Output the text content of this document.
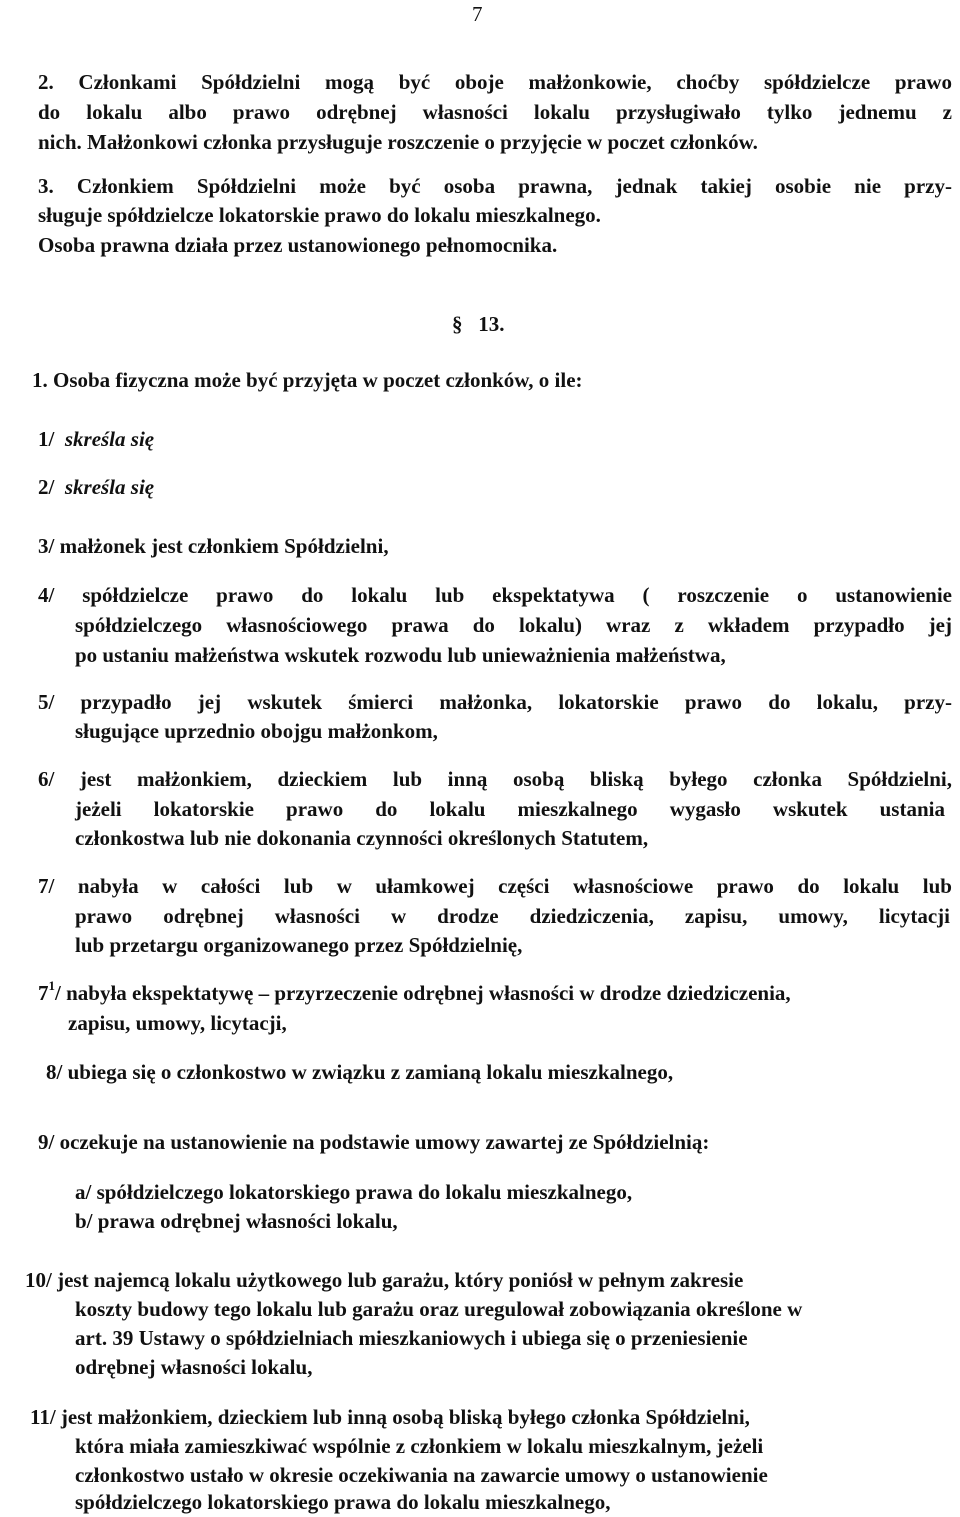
7
2. Członkami Spółdzielni mogą być oboje małżonkowie, choćby spółdzielcze prawo
do lokalu albo prawo odrębnej własności lokalu przysługiwało tylko jednemu z
nich. Małżonkowi członka przysługuje roszczenie o przyjęcie w poczet członków.
3. Członkiem Spółdzielni może być osoba prawna, jednak takiej osobie nie przy-
sługuje spółdzielcze lokatorskie prawo do lokalu mieszkalnego.
Osoba prawna działa przez ustanowionego pełnomocnika.
§ 13.
1. Osoba fizyczna może być przyjęta w poczet członków, o ile:
1/ skreśla się
2/ skreśla się
3/ małżonek jest członkiem Spółdzielni,
4/ spółdzielcze prawo do lokalu lub ekspektatywa ( roszczenie o ustanowienie
spółdzielczego własnościowego prawa do lokalu) wraz z wkładem przypadło jej
po ustaniu małżeństwa wskutek rozwodu lub unieważnienia małżeństwa,
5/ przypadło jej wskutek śmierci małżonka, lokatorskie prawo do lokalu, przy-
sługujące uprzednio obojgu małżonkom,
6/ jest małżonkiem, dzieckiem lub inną osobą bliską byłego członka Spółdzielni,
jeżeli lokatorskie prawo do lokalu mieszkalnego wygasło wskutek ustania
członkostwa lub nie dokonania czynności określonych Statutem,
7/ nabyła w całości lub w ułamkowej części własnościowe prawo do lokalu lub
prawo odrębnej własności w drodze dziedziczenia, zapisu, umowy, licytacji
lub przetargu organizowanego przez Spółdzielnię,
$7^1/$ nabyła ekspektatywę – przyrzeczenie odrębnej własności w drodze dziedziczenia,
zapisu, umowy, licytacji,
8/ ubiega się o członkostwo w związku z zamianą lokalu mieszkalnego,
9/ oczekuje na ustanowienie na podstawie umowy zawartej ze Spółdzielnią:
a/ spółdzielczego lokatorskiego prawa do lokalu mieszkalnego,
b/ prawa odrębnej własności lokalu,
10/ jest najemcą lokalu użytkowego lub garażu, który poniósł w pełnym zakresie
koszty budowy tego lokalu lub garażu oraz uregulował zobowiązania określone w
art. 39 Ustawy o spółdzielniach mieszkaniowych i ubiega się o przeniesienie
odrębnej własności lokalu,
11/ jest małżonkiem, dzieckiem lub inną osobą bliską byłego członka Spółdzielni,
która miała zamieszkiwać wspólnie z członkiem w lokalu mieszkalnym, jeżeli
członkostwo ustało w okresie oczekiwania na zawarcie umowy o ustanowienie
spółdzielczego lokatorskiego prawa do lokalu mieszkalnego,
